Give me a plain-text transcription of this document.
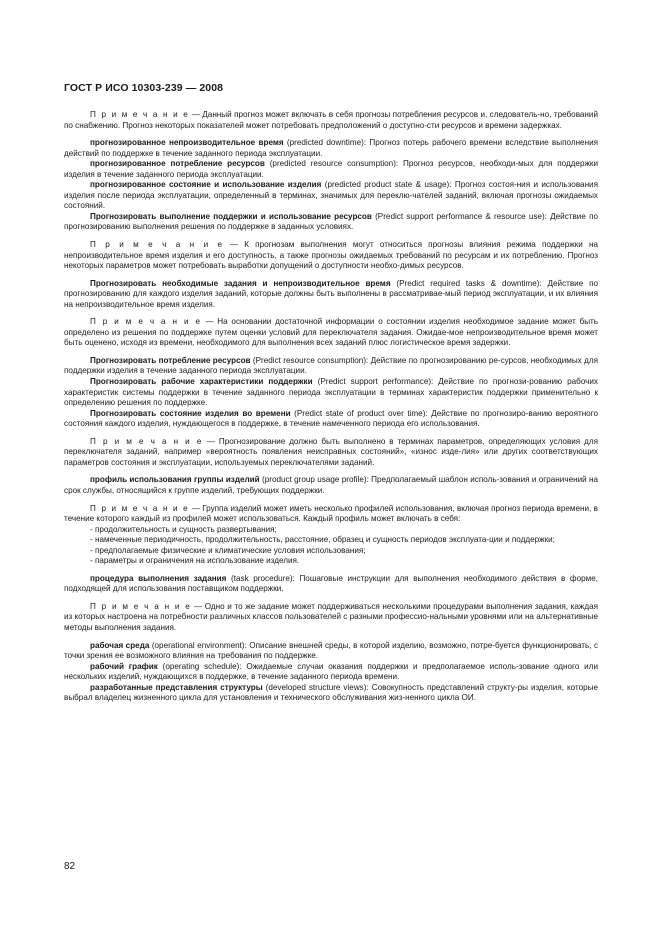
ГОСТ Р ИСО 10303-239 — 2008

П р и м е ч а н и е — Данный прогноз может включать в себя прогнозы потребления ресурсов и, следователь-но, требований по снабжению. Прогноз некоторых показателей может потребовать предположений о доступно-сти ресурсов и времени задержках.

прогнозированное непроизводительное время (predicted downtime): Прогноз потерь рабочего времени вследствие выполнения действий по поддержке в течение заданного периода эксплуатации.

прогнозированное потребление ресурсов (predicted resource consumption): Прогноз ресурсов, необходи-мых для поддержки изделия в течение заданного периода эксплуатации.

прогнозированное состояние и использование изделия (predicted product state & usage): Прогноз состоя-ния и использования изделия после периода эксплуатации, определенный в терминах, значимых для переклю-чателей заданий, включая прогнозы ожидаемых состояний.

Прогнозировать выполнение поддержки и использование ресурсов (Predict support performance & resource use): Действие по прогнозированию выполнения решения по поддержке в заданных условиях.

П р и м е ч а н и е — К прогнозам выполнения могут относиться прогнозы влияния режима поддержки на непроизводительное время изделия и его доступность, а также прогнозы ожидаемых требований по ресурсам и их потреблению. Прогноз некоторых параметров может потребовать выработки допущений о доступности необхо-димых ресурсов.

Прогнозировать необходимые задания и непроизводительное время (Predict required tasks & downtime): Действие по прогнозированию для каждого изделия заданий, которые должны быть выполнены в рассматривае-мый период эксплуатации, и их влияния на непроизводительное время изделия.

П р и м е ч а н и е — На основании достаточной информации о состоянии изделия необходимое задание может быть определено из решения по поддержке путем оценки условий для переключателя задания. Ожидае-мое непроизводительное время может быть оценено, исходя из времени, необходимого для выполнения всех заданий плюс логистическое время задержки.

Прогнозировать потребление ресурсов (Predict resource consumption): Действие по прогнозированию ре-сурсов, необходимых для поддержки изделия в течение заданного периода эксплуатации.

Прогнозировать рабочие характеристики поддержки (Predict support performance): Действие по прогнози-рованию рабочих характеристик системы поддержки в течение заданного периода эксплуатации в терминах характеристик поддержки применительно к определению решения по поддержке.

Прогнозировать состояние изделия во времени (Predict state of product over time): Действие по прогнозиро-ванию вероятного состояния каждого изделия, нуждающегося в поддержке, в течение намеченного периода его использования.

П р и м е ч а н и е — Прогнозирование должно быть выполнено в терминах параметров, определяющих условия для переключателя заданий, например «вероятность появления неисправных состояний», «износ изде-лия» или других соответствующих параметров состояния и эксплуатации, используемых переключателями заданий.

профиль использования группы изделий (product group usage profile): Предполагаемый шаблон исполь-зования и ограничений на срок службы, относящийся к группе изделий, требующих поддержки.

П р и м е ч а н и е — Группа изделий может иметь несколько профилей использования, включая прогноз периода времени, в течение которого каждый из профилей может использоваться. Каждый профиль может включать в себя:

- продолжительность и сущность развертывания;

- намеченные периодичность, продолжительность, расстояние, образец и сущность периодов эксплуата-ции и поддержки;

- предполагаемые физические и климатические условия использования;

- параметры и ограничения на использование изделия.

процедура выполнения задания (task procedure): Пошаговые инструкции для выполнения необходимого действия в форме, подходящей для использования поставщиком поддержки.

П р и м е ч а н и е — Одно и то же задание может поддерживаться несколькими процедурами выполнения задания, каждая из которых настроена на потребности различных классов пользователей с разными профессио-нальными уровнями или на альтернативные методы выполнения задания.

рабочая среда (operational environment): Описание внешней среды, в которой изделию, возможно, потре-буется функционировать, с точки зрения ее возможного влияния на требования по поддержке.

рабочий график (operating schedule): Ожидаемые случаи оказания поддержки и предполагаемое исполь-зование одного или нескольких изделий, нуждающихся в поддержке, в течение заданного периода времени.

разработанные представления структуры (developed structure views): Совокупность представлений структу-ры изделия, которые выбрал владелец жизненного цикла для установления и технического обслуживания жиз-ненного цикла ОИ.

82
